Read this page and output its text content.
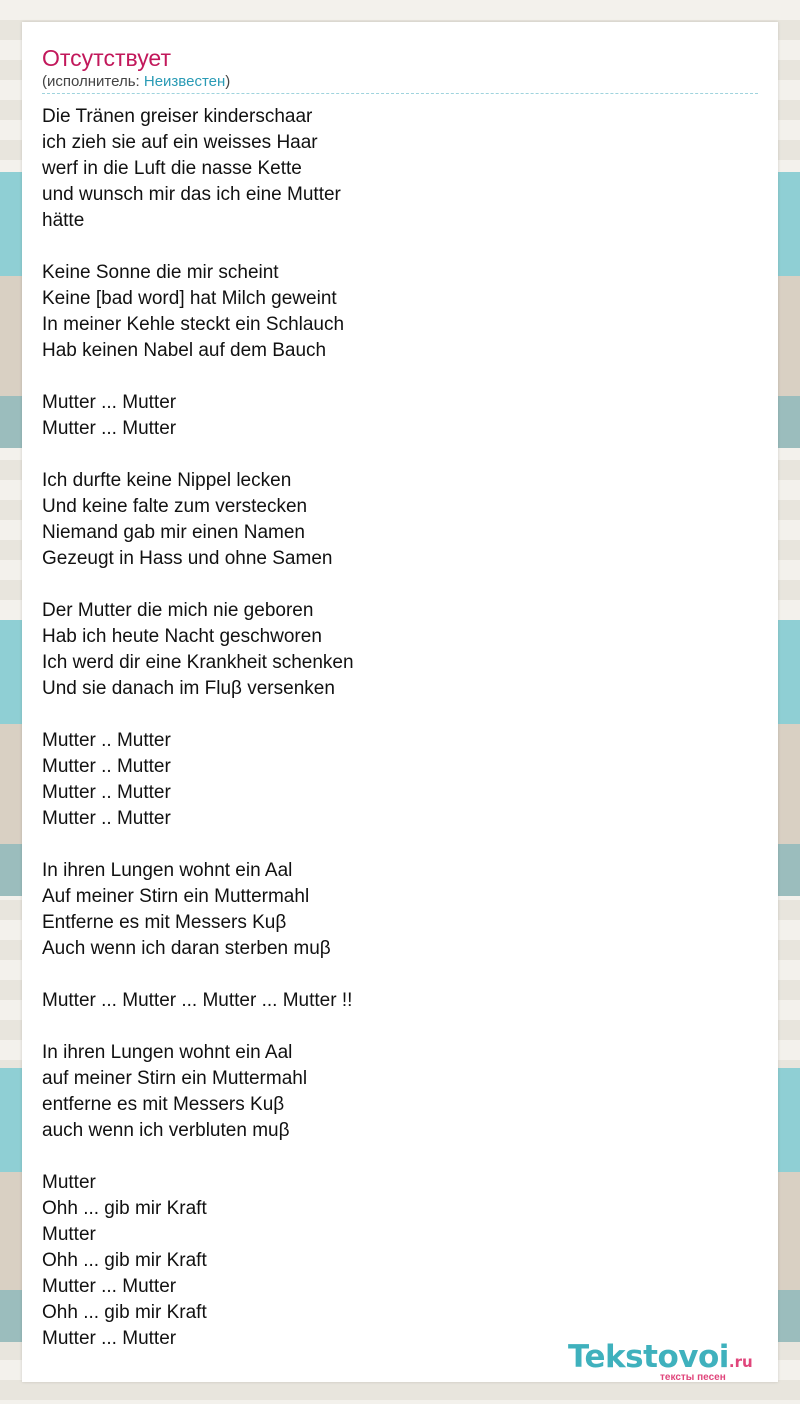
Отсутствует
(исполнитель: Неизвестен)
Die Tränen greiser kinderschaar
ich zieh sie auf ein weisses Haar
werf in die Luft die nasse Kette
und wunsch mir das ich eine Mutter
hätte
Keine Sonne die mir scheint
Keine [bad word] hat Milch geweint
In meiner Kehle steckt ein Schlauch
Hab keinen Nabel auf dem Bauch
Mutter ... Mutter
Mutter ... Mutter
Ich durfte keine Nippel lecken
Und keine falte zum verstecken
Niemand gab mir einen Namen
Gezeugt in Hass und ohne Samen
Der Mutter die mich nie geboren
Hab ich heute Nacht geschworen
Ich werd dir eine Krankheit schenken
Und sie danach im Fluβ versenken
Mutter .. Mutter
Mutter .. Mutter
Mutter .. Mutter
Mutter .. Mutter
In ihren Lungen wohnt ein Aal
Auf meiner Stirn ein Muttermahl
Entferne es mit Messers Kuβ
Auch wenn ich daran sterben muβ
Mutter ... Mutter ... Mutter ... Mutter !!
In ihren Lungen wohnt ein Aal
auf meiner Stirn ein Muttermahl
entferne es mit Messers Kuβ
auch wenn ich verbluten muβ
Mutter
Ohh ... gib mir Kraft
Mutter
Ohh ... gib mir Kraft
Mutter ... Mutter
Ohh ... gib mir Kraft
Mutter ... Mutter
Tekstovoi.ru
тексты песен
